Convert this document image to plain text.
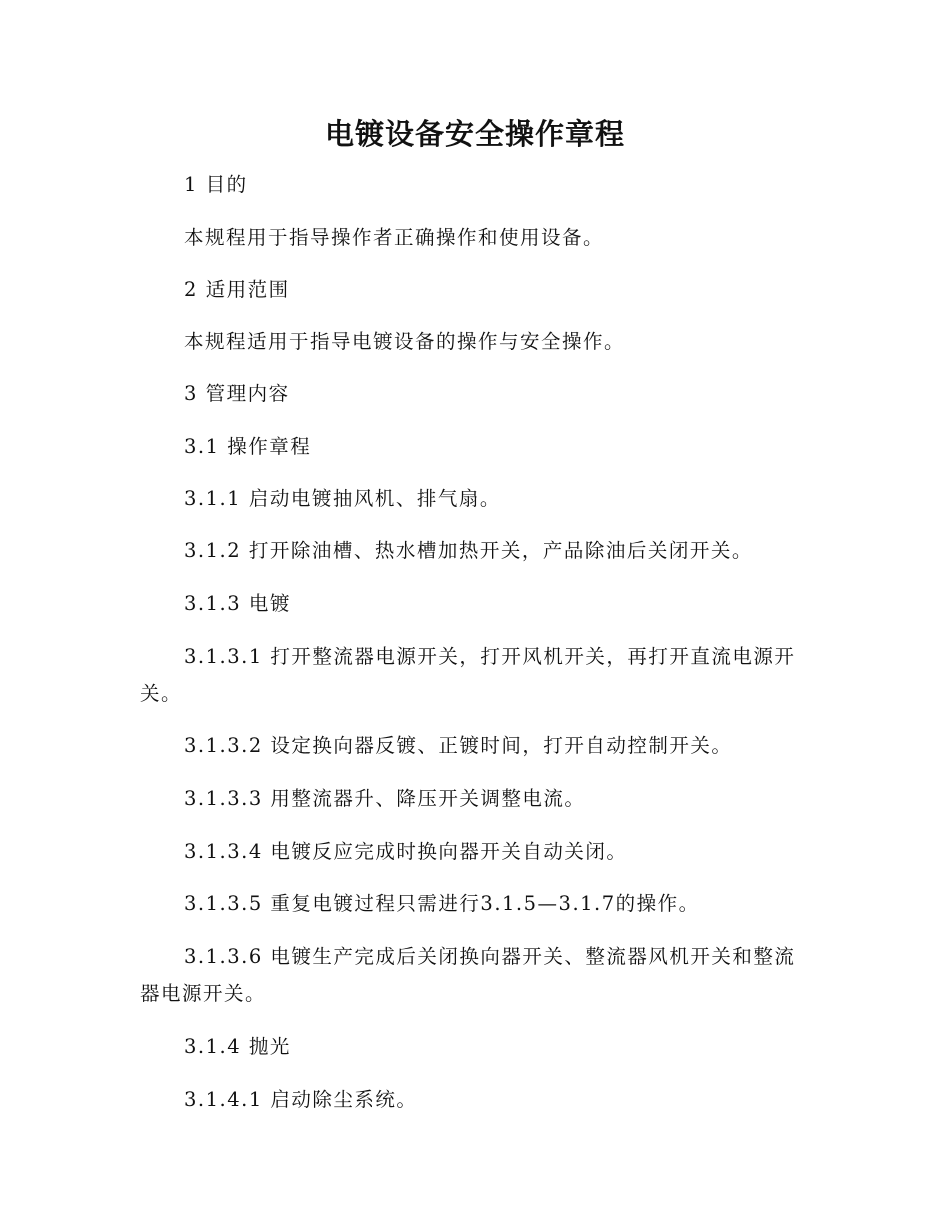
电镀设备安全操作章程
1 目的
本规程用于指导操作者正确操作和使用设备。
2 适用范围
本规程适用于指导电镀设备的操作与安全操作。
3 管理内容
3.1 操作章程
3.1.1 启动电镀抽风机、排气扇。
3.1.2 打开除油槽、热水槽加热开关，产品除油后关闭开关。
3.1.3 电镀
3.1.3.1 打开整流器电源开关，打开风机开关，再打开直流电源开关。
3.1.3.2 设定换向器反镀、正镀时间，打开自动控制开关。
3.1.3.3 用整流器升、降压开关调整电流。
3.1.3.4 电镀反应完成时换向器开关自动关闭。
3.1.3.5 重复电镀过程只需进行3.1.5—3.1.7的操作。
3.1.3.6 电镀生产完成后关闭换向器开关、整流器风机开关和整流器电源开关。
3.1.4 抛光
3.1.4.1 启动除尘系统。
